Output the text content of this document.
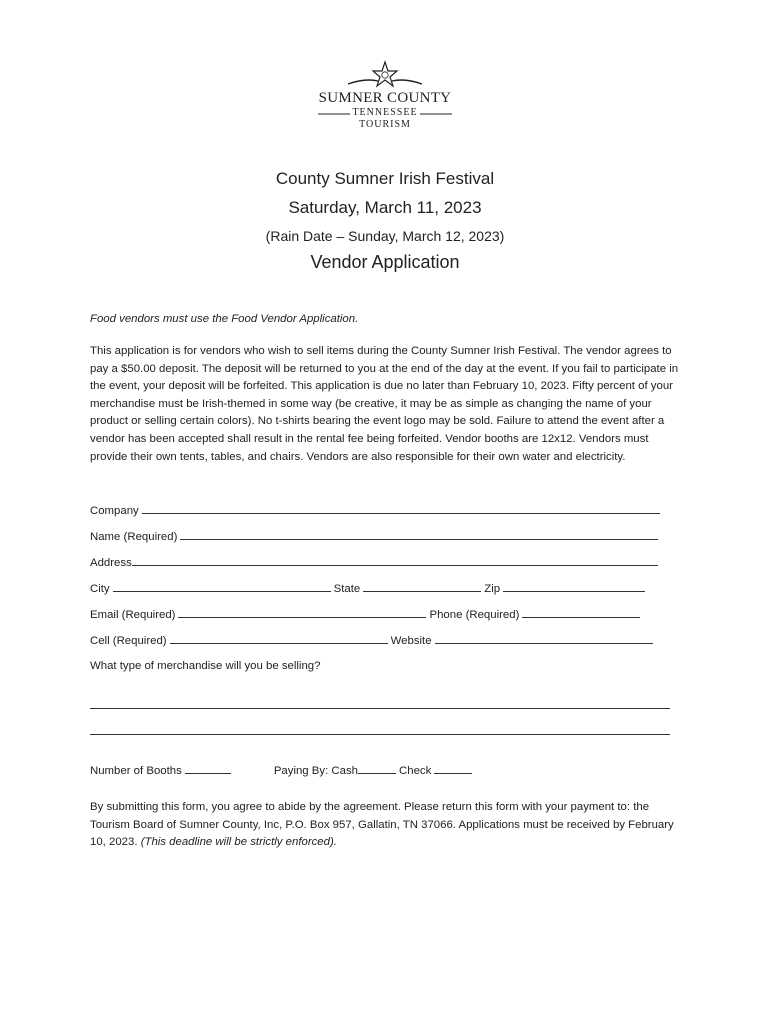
SUMNER COUNTY
TENNESSEE
TOURISM
County Sumner Irish Festival
Saturday, March 11, 2023
(Rain Date – Sunday, March 12, 2023)
Vendor Application
Food vendors must use the Food Vendor Application.
This application is for vendors who wish to sell items during the County Sumner Irish Festival. The vendor agrees to pay a $50.00 deposit. The deposit will be returned to you at the end of the day at the event. If you fail to participate in the event, your deposit will be forfeited. This application is due no later than February 10, 2023. Fifty percent of your merchandise must be Irish-themed in some way (be creative, it may be as simple as changing the name of your product or selling certain colors). No t-shirts bearing the event logo may be sold. Failure to attend the event after a vendor has been accepted shall result in the rental fee being forfeited. Vendor booths are 12x12. Vendors must provide their own tents, tables, and chairs. Vendors are also responsible for their own water and electricity.
Company
Name (Required)
Address
City	State	Zip
Email (Required)	Phone (Required)
Cell (Required)	Website
What type of merchandise will you be selling?
Number of Booths	Paying By: Cash	Check
By submitting this form, you agree to abide by the agreement. Please return this form with your payment to: the Tourism Board of Sumner County, Inc, P.O. Box 957, Gallatin, TN 37066. Applications must be received by February 10, 2023. (This deadline will be strictly enforced).
